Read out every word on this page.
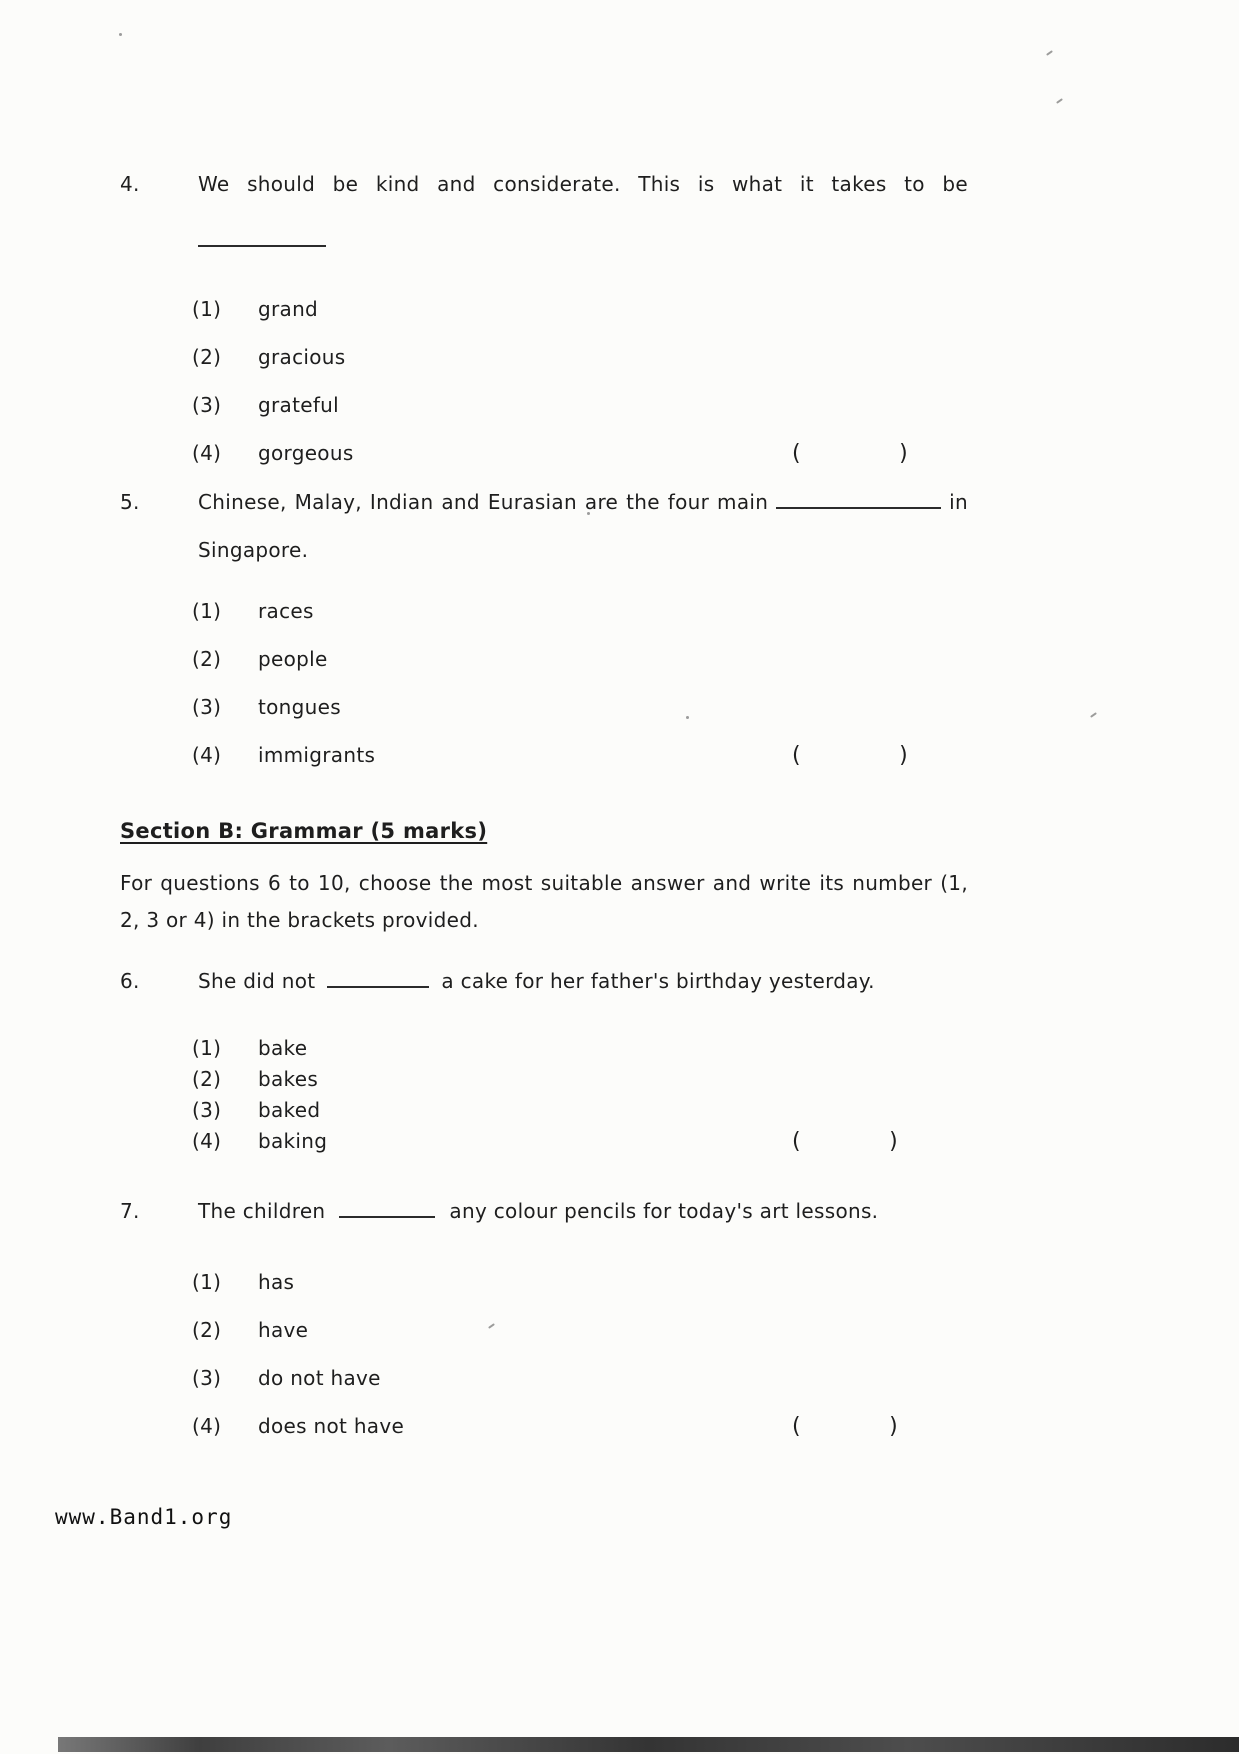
4.	We should be kind and considerate. This is what it takes to be
(1)	grand
(2)	gracious
(3)	grateful
(4)	gorgeous	(	)
5.	Chinese, Malay, Indian and Eurasian are the four main	in
Singapore.
(1)	races
(2)	people
(3)	tongues
(4)	immigrants	(	)
Section B: Grammar (5 marks)
For questions 6 to 10, choose the most suitable answer and write its number (1, 2, 3 or 4) in the brackets provided.
6.	She did not	a cake for her father's birthday yesterday.
(1)	bake
(2)	bakes
(3)	baked
(4)	baking	(	)
7.	The children	any colour pencils for today's art lessons.
(1)	has
(2)	have
(3)	do not have
(4)	does not have	(	)
www.Band1.org
